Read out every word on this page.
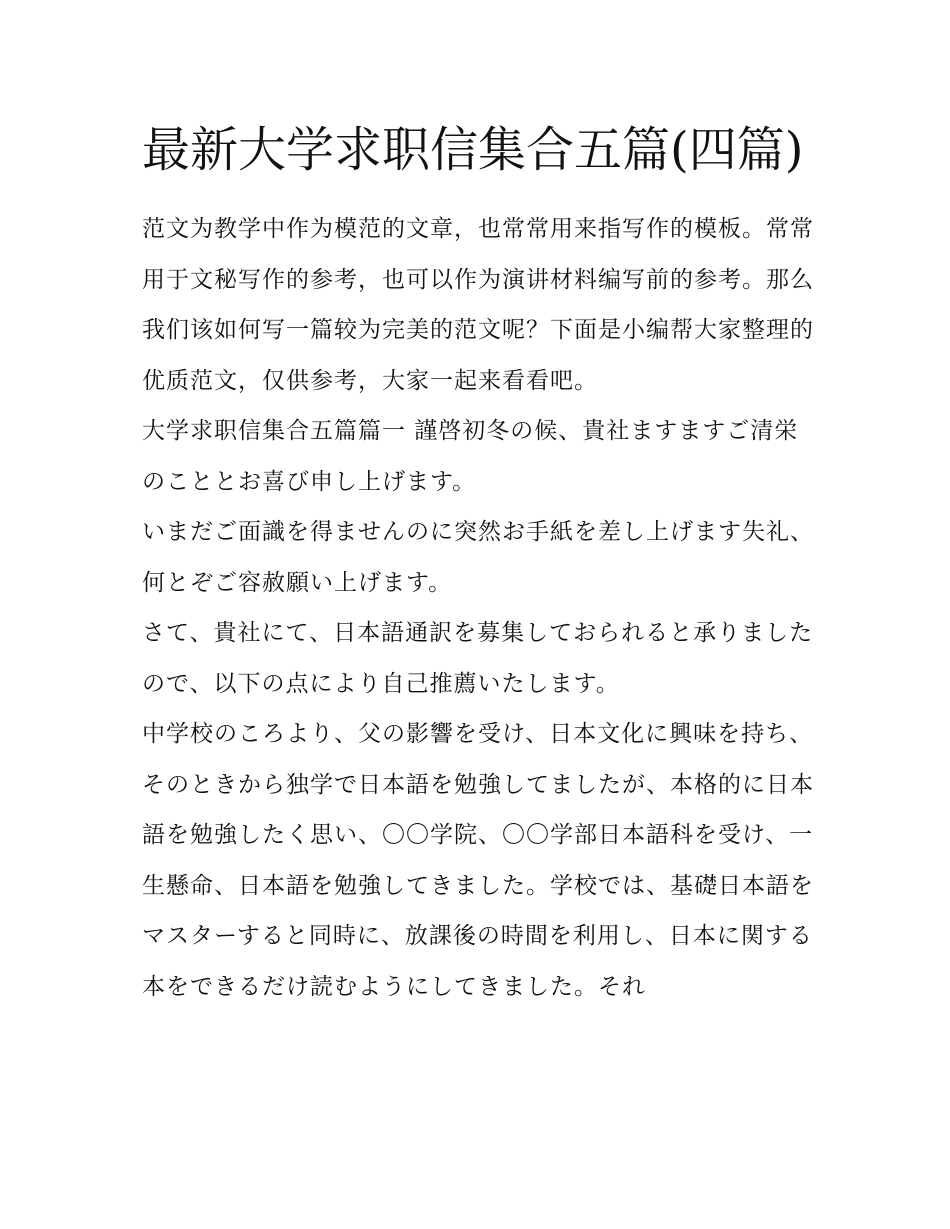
最新大学求职信集合五篇(四篇)

范文为教学中作为模范的文章，也常常用来指写作的模板。常常用于文秘写作的参考，也可以作为演讲材料编写前的参考。那么我们该如何写一篇较为完美的范文呢？下面是小编帮大家整理的优质范文，仅供参考，大家一起来看看吧。

大学求职信集合五篇篇一 謹啓初冬の候、貴社ますますご清栄のこととお喜び申し上げます。

いまだご面識を得ませんのに突然お手紙を差し上げます失礼、何とぞご容赦願い上げます。

さて、貴社にて、日本語通訳を募集しておられると承りましたので、以下の点により自己推薦いたします。

中学校のころより、父の影響を受け、日本文化に興味を持ち、そのときから独学で日本語を勉強してましたが、本格的に日本語を勉強したく思い、〇〇学院、〇〇学部日本語科を受け、一生懸命、日本語を勉強してきました。学校では、基礎日本語をマスターすると同時に、放課後の時間を利用し、日本に関する本をできるだけ読むようにしてきました。それ
